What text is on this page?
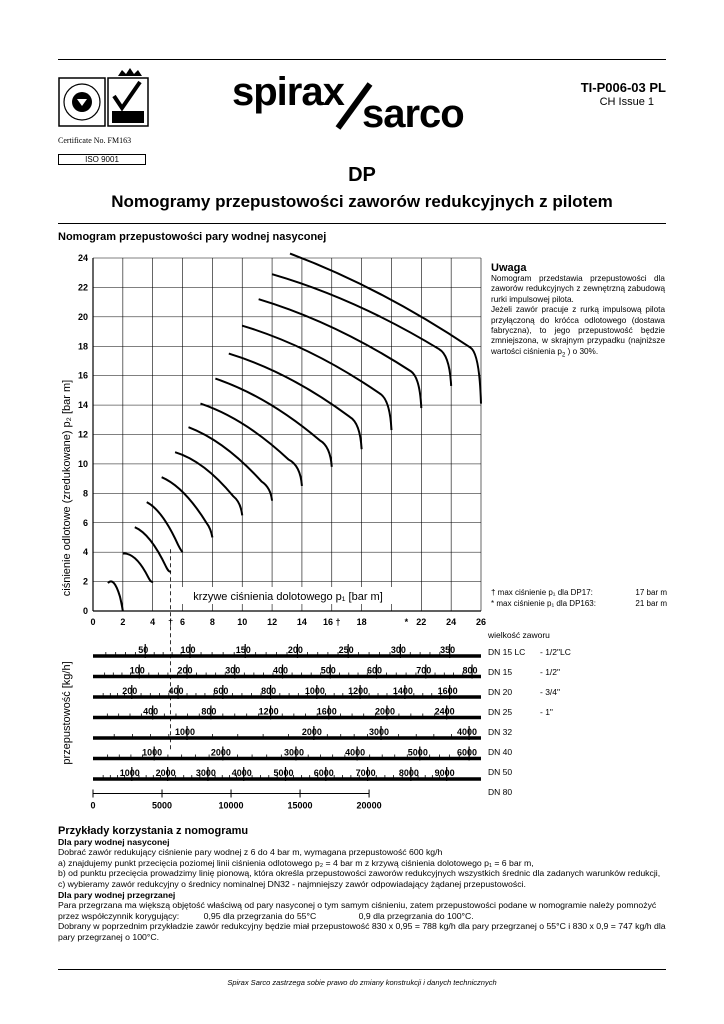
Certificate No. FM163
ISO 9001
spirax sarco
TI-P006-03 PL
CH Issue 1
DP
Nomogramy przepustowości zaworów redukcyjnych z pilotem
Nomogram przepustowości pary wodnej nasyconej
ciśnienie odlotowe (zredukowane) p₂ [bar m]
przepustowość [kg/h]
0
2
4
6
8
10
12
14
16
18
20
22
24
0	2	4 † 6	8 10 12 14 16 † 18	* 22 24 26
krzywe ciśnienia dolotowego p₁ [bar m]
50	100	150	200	250	300	350
100	200	300	400	500	600	700	800
200	400	600	800	1000	1200	1400	1600
400	800	1200	1600	2000	2400
1000	2000	3000	4000
1000	2000	3000	4000	5000	6000
1000 2000 3000 4000 5000 6000 7000	8000 9000
0	5000	10000	15000	20000
Uwaga

Nomogram przedstawia przepustowości dla zaworów redukcyjnych z zewnętrzną zabudową rurki impulsowej pilota.

Jeżeli zawór pracuje z rurką impulsową pilota przyłączoną do króćca odlotowego (dostawa fabryczna), to jego przepustowość będzie zmniejszona, w skrajnym przypadku (najniższe wartości ciśnienia $p_2$ ) o 30%.

† max ciśnienie p₁ dla DP17:	17 bar m
* max ciśnienie p₁ dla DP163:	21 bar m
wielkość zaworu
DN 15 LC - 1/2"LC
DN 15	- 1/2"
DN 20	- 3/4"
DN 25	- 1"
DN 32
DN 40
DN 50
DN 80
Przykłady korzystania z nomogramu
Dla pary wodnej nasyconej
Dobrać zawór redukujący ciśnienie pary wodnej z 6 do 4 bar m, wymagana przepustowość 600 kg/h
a) znajdujemy punkt przecięcia poziomej linii ciśnienia odlotowego p₂ = 4 bar m z krzywą ciśnienia dolotowego p₁ = 6 bar m,
b) od punktu przecięcia prowadzimy linię pionową, która określa przepustowości zaworów redukcyjnych wszystkich średnic dla zadanych warunków redukcji,
c) wybieramy zawór redukcyjny o średnicy nominalnej DN32 - najmniejszy zawór odpowiadający żądanej przepustowości.
Dla pary wodnej przegrzanej
Para przegrzana ma większą objętość właściwą od pary nasyconej o tym samym ciśnieniu, zatem przepustowości podane w nomogramie należy pomnożyć przez współczynnik korygujący:	0,95 dla przegrzania do 55°C	0,9 dla przegrzania do 100°C.
Dobrany w poprzednim przykładzie zawór redukcyjny będzie miał przepustowość 830 x 0,95 = 788 kg/h dla pary przegrzanej o 55°C i 830 x 0,9 = 747 kg/h dla pary przegrzanej o 100°C.
Spirax Sarco zastrzega sobie prawo do zmiany konstrukcji i danych technicznych
